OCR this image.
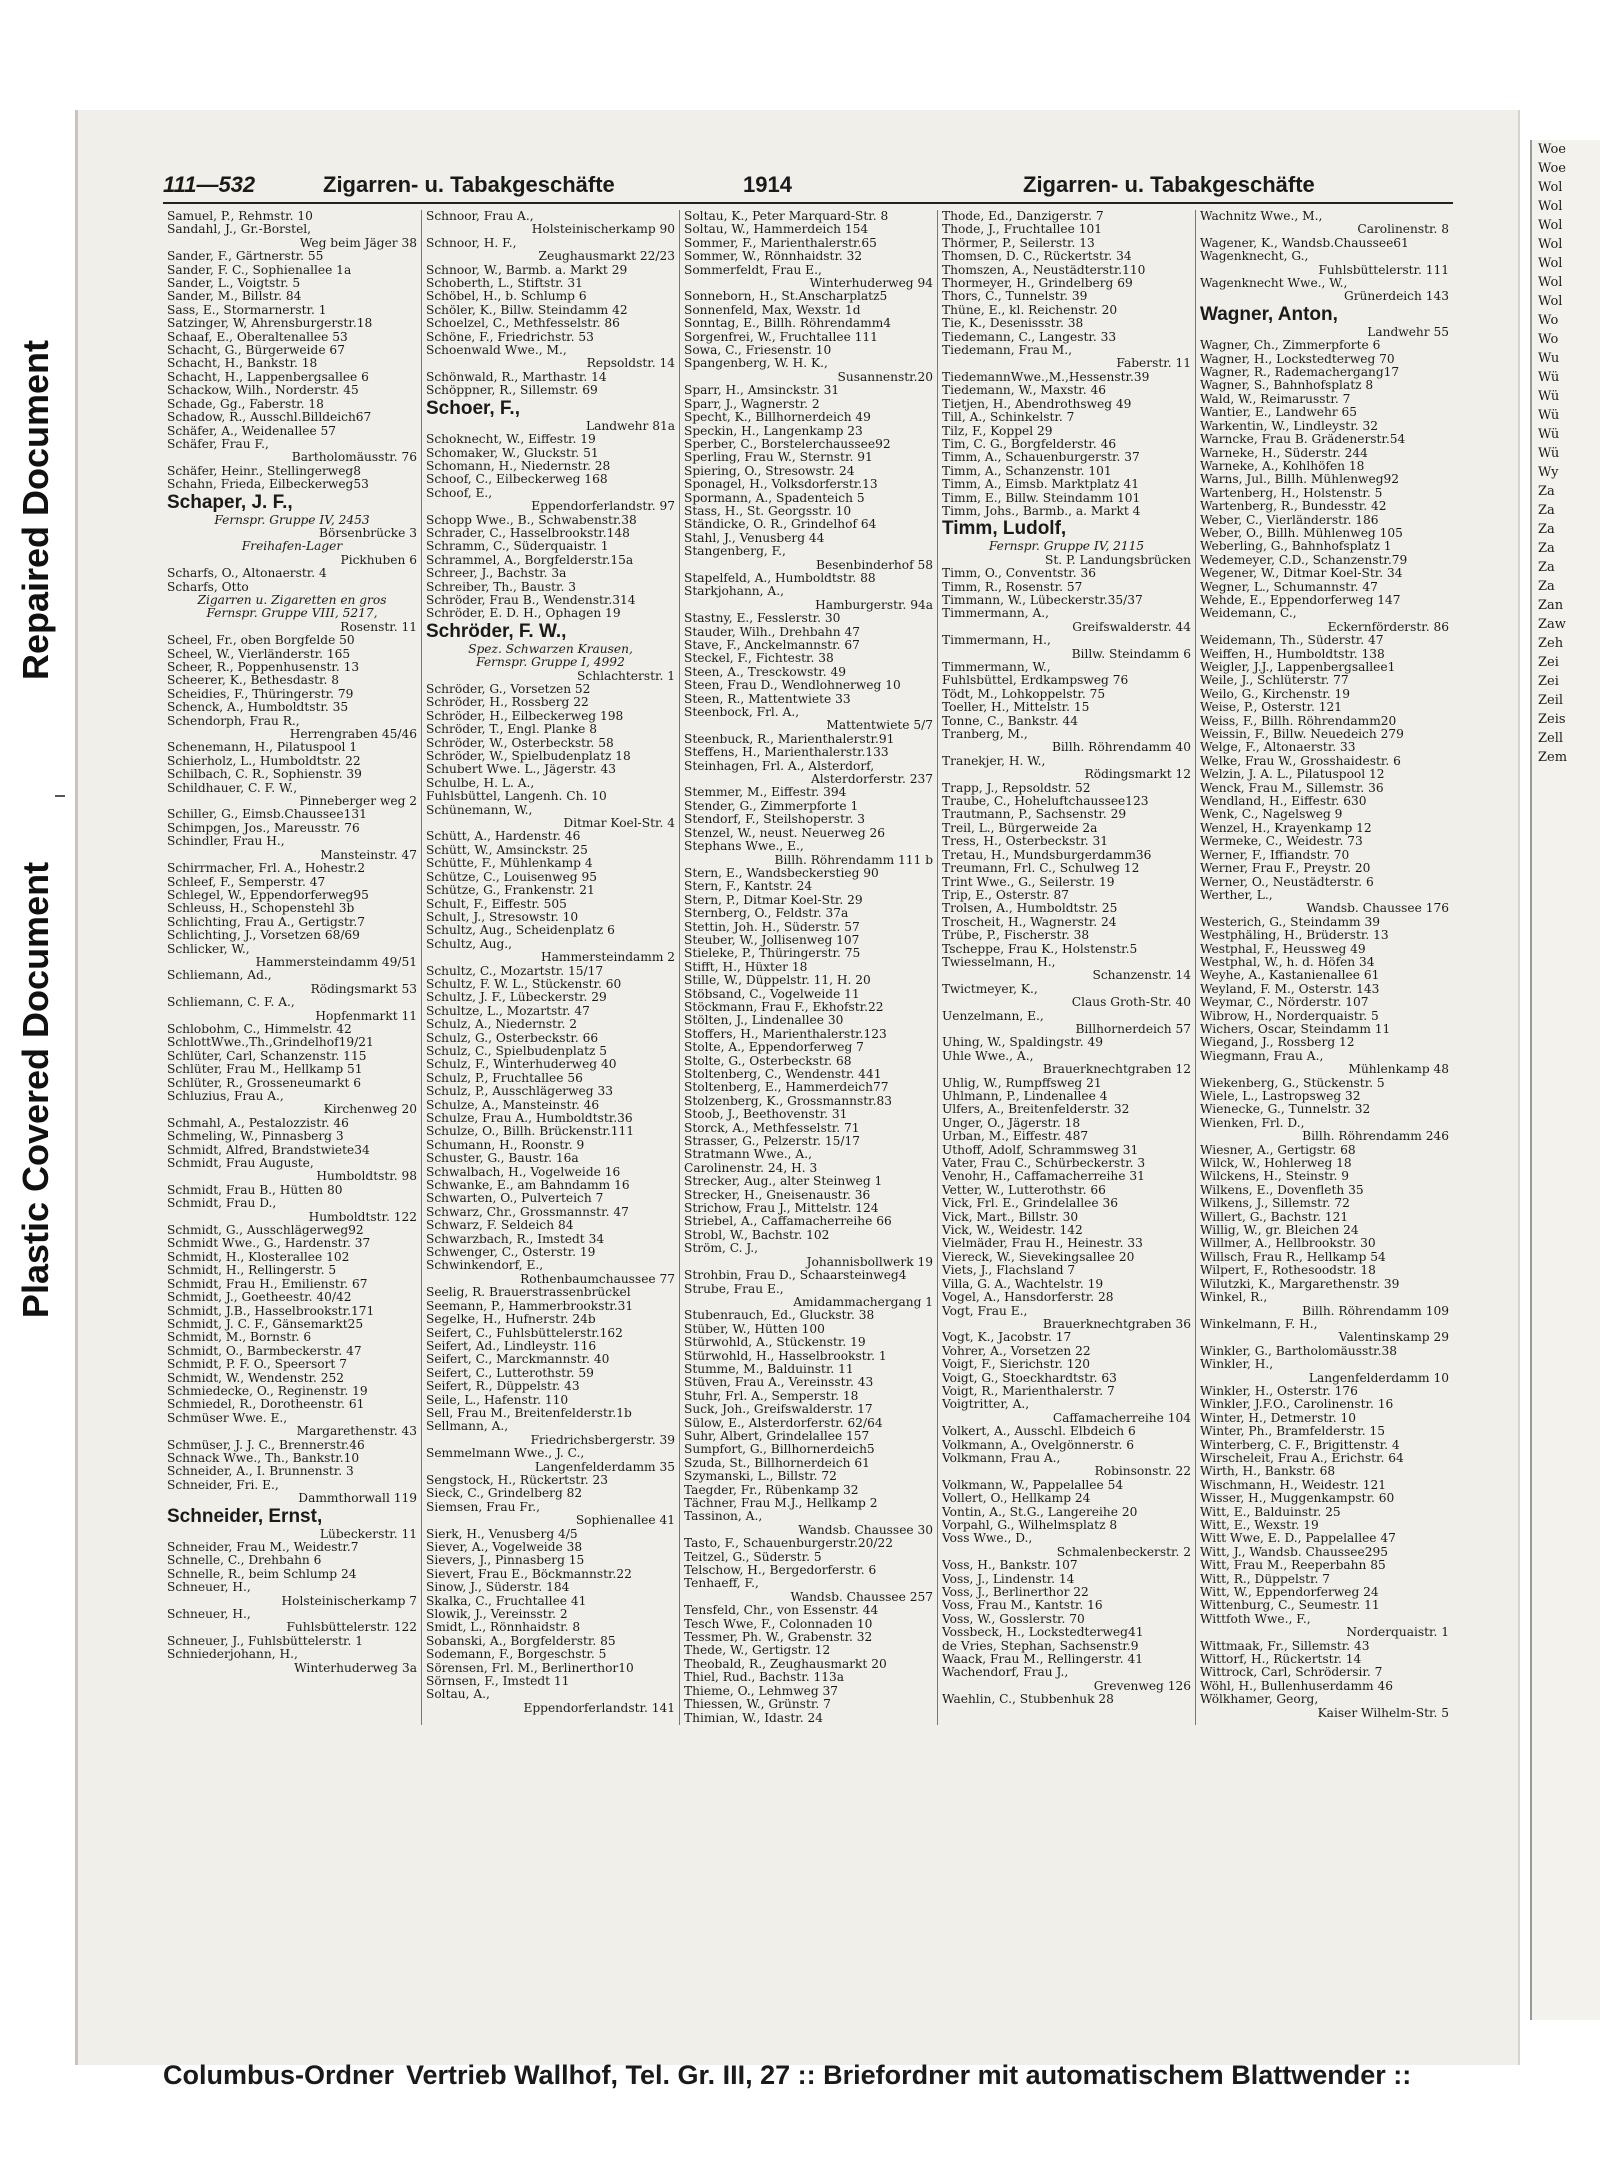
Repaired Document
Plastic Covered Document
Woe
Woe
Wol
Wol
Wol
Wol
Wol
Wol
Wol
Wo
Wo
Wu
Wü
Wü
Wü
Wü
Wü
Wy
Za
Za
Za
Za
Za
Za
Zan
Zaw
Zeh
Zei
Zei
Zeil
Zeis
Zell
Zem
111—532	Zigarren- u. Tabakgeschäfte	1914	Zigarren- u. Tabakgeschäfte
Samuel, P., Rehmstr. 10
Sandahl, J., Gr.-Borstel,
Weg beim Jäger 38
Sander, F., Gärtnerstr. 55
Sander, F. C., Sophienallee 1a
Sander, L., Voigtstr. 5
Sander, M., Billstr. 84
Sass, E., Stormarnerstr. 1
Satzinger, W, Ahrensburgerstr.18
Schaaf, E., Oberaltenallee 53
Schacht, G., Bürgerweide 67
Schacht, H., Bankstr. 18
Schacht, H., Lappenbergsallee 6
Schackow, Wilh., Norderstr. 45
Schade, Gg., Faberstr. 18
Schadow, R., Ausschl.Billdeich67
Schäfer, A., Weidenallee 57
Schäfer, Frau F.,
Bartholomäusstr. 76
Schäfer, Heinr., Stellingerweg8
Schahn, Frieda, Eilbeckerweg53
Schaper, J. F.,
Fernspr. Gruppe IV, 2453
Börsenbrücke 3
Freihafen-Lager
Pickhuben 6
Scharfs, O., Altonaerstr. 4
Scharfs, Otto
Zigarren u. Zigaretten en gros
Fernspr. Gruppe VIII, 5217,
Rosenstr. 11
Scheel, Fr., oben Borgfelde 50
Scheel, W., Vierländerstr. 165
Scheer, R., Poppenhusenstr. 13
Scheerer, K., Bethesdastr. 8
Scheidies, F., Thüringerstr. 79
Schenck, A., Humboldtstr. 35
Schendorph, Frau R.,
Herrengraben 45/46
Schenemann, H., Pilatuspool 1
Schierholz, L., Humboldtstr. 22
Schilbach, C. R., Sophienstr. 39
Schildhauer, C. F. W.,
Pinneberger weg 2
Schiller, G., Eimsb.Chaussee131
Schimpgen, Jos., Mareusstr. 76
Schindler, Frau H.,
Mansteinstr. 47
Schirrmacher, Frl. A., Hohestr.2
Schleef, F., Semperstr. 47
Schlegel, W., Eppendorferweg95
Schleuss, H., Schopenstehl 3b
Schlichting, Frau A., Gertigstr.7
Schlichting, J., Vorsetzen 68/69
Schlicker, W.,
Hammersteindamm 49/51
Schliemann, Ad.,
Rödingsmarkt 53
Schliemann, C. F. A.,
Hopfenmarkt 11
Schlobohm, C., Himmelstr. 42
SchlottWwe.,Th.,Grindelhof19/21
Schlüter, Carl, Schanzenstr. 115
Schlüter, Frau M., Hellkamp 51
Schlüter, R., Grosseneumarkt 6
Schluzius, Frau A.,
Kirchenweg 20
Schmahl, A., Pestalozzistr. 46
Schmeling, W., Pinnasberg 3
Schmidt, Alfred, Brandstwiete34
Schmidt, Frau Auguste,
Humboldtstr. 98
Schmidt, Frau B., Hütten 80
Schmidt, Frau D.,
Humboldtstr. 122
Schmidt, G., Ausschlägerweg92
Schmidt Wwe., G., Hardenstr. 37
Schmidt, H., Klosterallee 102
Schmidt, H., Rellingerstr. 5
Schmidt, Frau H., Emilienstr. 67
Schmidt, J., Goetheestr. 40/42
Schmidt, J.B., Hasselbrookstr.171
Schmidt, J. C. F., Gänsemarkt25
Schmidt, M., Bornstr. 6
Schmidt, O., Barmbeckerstr. 47
Schmidt, P. F. O., Speersort 7
Schmidt, W., Wendenstr. 252
Schmiedecke, O., Reginenstr. 19
Schmiedel, R., Dorotheenstr. 61
Schmüser Wwe. E.,
Margarethenstr. 43
Schmüser, J. J. C., Brennerstr.46
Schnack Wwe., Th., Bankstr.10
Schneider, A., I. Brunnenstr. 3
Schneider, Fri. E.,
Dammthorwall 119
Schneider, Ernst,
Lübeckerstr. 11
Schneider, Frau M., Weidestr.7
Schnelle, C., Drehbahn 6
Schnelle, R., beim Schlump 24
Schneuer, H.,
Holsteinischerkamp 7
Schneuer, H.,
Fuhlsbüttelerstr. 122
Schneuer, J., Fuhlsbüttelerstr. 1
Schniederjohann, H.,
Winterhuderweg 3a
Schnoor, Frau A.,
Holsteinischerkamp 90
Schnoor, H. F.,
Zeughausmarkt 22/23
Schnoor, W., Barmb. a. Markt 29
Schoberth, L., Stiftstr. 31
Schöbel, H., b. Schlump 6
Schöler, K., Billw. Steindamm 42
Schoelzel, C., Methfesselstr. 86
Schöne, F., Friedrichstr. 53
Schoenwald Wwe., M.,
Repsoldstr. 14
Schönwald, R., Marthastr. 14
Schöppner, R., Sillemstr. 69
Schoer, F.,
Landwehr 81a
Schoknecht, W., Eiffestr. 19
Schomaker, W., Gluckstr. 51
Schomann, H., Niedernstr. 28
Schoof, C., Eilbeckerweg 168
Schoof, E.,
Eppendorferlandstr. 97
Schopp Wwe., B., Schwabenstr.38
Schrader, C., Hasselbrookstr.148
Schramm, C., Süderquaistr. 1
Schrammel, A., Borgfelderstr.15a
Schreer, J., Bachstr. 3a
Schreiber, Th., Baustr. 3
Schröder, Frau B., Wendenstr.314
Schröder, E. D. H., Ophagen 19
Schröder, F. W.,
Spez. Schwarzen Krausen,
Fernspr. Gruppe I, 4992
Schlachterstr. 1
Schröder, G., Vorsetzen 52
Schröder, H., Rossberg 22
Schröder, H., Eilbeckerweg 198
Schröder, T., Engl. Planke 8
Schröder, W., Osterbeckstr. 58
Schröder, W., Spielbudenplatz 18
Schubert Wwe. L., Jägerstr. 43
Schulbe, H. L. A.,
Fuhlsbüttel, Langenh. Ch. 10
Schünemann, W.,
Ditmar Koel-Str. 4
Schütt, A., Hardenstr. 46
Schütt, W., Amsinckstr. 25
Schütte, F., Mühlenkamp 4
Schütze, C., Louisenweg 95
Schütze, G., Frankenstr. 21
Schult, F., Eiffestr. 505
Schult, J., Stresowstr. 10
Schultz, Aug., Scheidenplatz 6
Schultz, Aug.,
Hammersteindamm 2
Schultz, C., Mozartstr. 15/17
Schultz, F. W. L., Stückenstr. 60
Schultz, J. F., Lübeckerstr. 29
Schultze, L., Mozartstr. 47
Schulz, A., Niedernstr. 2
Schulz, G., Osterbeckstr. 66
Schulz, C., Spielbudenplatz 5
Schulz, F., Winterhuderweg 40
Schulz, P., Fruchtallee 56
Schulz, P., Ausschlägerweg 33
Schulze, A., Mansteinstr. 46
Schulze, Frau A., Humboldtstr.36
Schulze, O., Billh. Brückenstr.111
Schumann, H., Roonstr. 9
Schuster, G., Baustr. 16a
Schwalbach, H., Vogelweide 16
Schwanke, E., am Bahndamm 16
Schwarten, O., Pulverteich 7
Schwarz, Chr., Grossmannstr. 47
Schwarz, F. Seldeich 84
Schwarzbach, R., Imstedt 34
Schwenger, C., Osterstr. 19
Schwinkendorf, E.,
Rothenbaumchaussee 77
Seelig, R. Brauerstrassenbrückel
Seemann, P., Hammerbrookstr.31
Segelke, H., Hufnerstr. 24b
Seifert, C., Fuhlsbüttelerstr.162
Seifert, Ad., Lindleystr. 116
Seifert, C., Marckmannstr. 40
Seifert, C., Lutterothstr. 59
Seifert, R., Düppelstr. 43
Seile, L., Hafenstr. 110
Sell, Frau M., Breitenfelderstr.1b
Sellmann, A.,
Friedrichsbergerstr. 39
Semmelmann Wwe., J. C.,
Langenfelderdamm 35
Sengstock, H., Rückertstr. 23
Sieck, C., Grindelberg 82
Siemsen, Frau Fr.,
Sophienallee 41
Sierk, H., Venusberg 4/5
Siever, A., Vogelweide 38
Sievers, J., Pinnasberg 15
Sievert, Frau E., Böckmannstr.22
Sinow, J., Süderstr. 184
Skalka, C., Fruchtallee 41
Slowik, J., Vereinsstr. 2
Smidt, L., Rönnhaidstr. 8
Sobanski, A., Borgfelderstr. 85
Sodemann, F., Borgeschstr. 5
Sörensen, Frl. M., Berlinerthor10
Sörnsen, F., Imstedt 11
Soltau, A.,
Eppendorferlandstr. 141
Soltau, K., Peter Marquard-Str. 8
Soltau, W., Hammerdeich 154
Sommer, F., Marienthalerstr.65
Sommer, W., Rönnhaidstr. 32
Sommerfeldt, Frau E.,
Winterhuderweg 94
Sonneborn, H., St.Anscharplatz5
Sonnenfeld, Max, Wexstr. 1d
Sonntag, E., Billh. Röhrendamm4
Sorgenfrei, W., Fruchtallee 111
Sowa, C., Friesenstr. 10
Spangenberg, W. H. K.,
Susannenstr.20
Sparr, H., Amsinckstr. 31
Sparr, J., Wagnerstr. 2
Specht, K., Billhornerdeich 49
Speckin, H., Langenkamp 23
Sperber, C., Borstelerchaussee92
Sperling, Frau W., Sternstr. 91
Spiering, O., Stresowstr. 24
Sponagel, H., Volksdorferstr.13
Spormann, A., Spadenteich 5
Stass, H., St. Georgsstr. 10
Ständicke, O. R., Grindelhof 64
Stahl, J., Venusberg 44
Stangenberg, F.,
Besenbinderhof 58
Stapelfeld, A., Humboldtstr. 88
Starkjohann, A.,
Hamburgerstr. 94a
Stastny, E., Fesslerstr. 30
Stauder, Wilh., Drehbahn 47
Stave, F., Anckelmannstr. 67
Steckel, F., Fichtestr. 38
Steen, A., Tresckowstr. 49
Steen, Frau D., Wendlohnerweg 10
Steen, R., Mattentwiete 33
Steenbock, Frl. A.,
Mattentwiete 5/7
Steenbuck, R., Marienthalerstr.91
Steffens, H., Marienthalerstr.133
Steinhagen, Frl. A., Alsterdorf,
Alsterdorferstr. 237
Stemmer, M., Eiffestr. 394
Stender, G., Zimmerpforte 1
Stendorf, F., Steilshoperstr. 3
Stenzel, W., neust. Neuerweg 26
Stephans Wwe., E.,
Billh. Röhrendamm 111 b
Stern, E., Wandsbeckerstieg 90
Stern, F., Kantstr. 24
Stern, P., Ditmar Koel-Str. 29
Sternberg, O., Feldstr. 37a
Stettin, Joh. H., Süderstr. 57
Steuber, W., Jollisenweg 107
Stieleke, P., Thüringerstr. 75
Stifft, H., Hüxter 18
Stille, W., Düppelstr. 11, H. 20
Stöbsand, C., Vogelweide 11
Stöckmann, Frau F., Ekhofstr.22
Stölten, J., Lindenallee 30
Stoffers, H., Marienthalerstr.123
Stolte, A., Eppendorferweg 7
Stolte, G., Osterbeckstr. 68
Stoltenberg, C., Wendenstr. 441
Stoltenberg, E., Hammerdeich77
Stolzenberg, K., Grossmannstr.83
Stoob, J., Beethovenstr. 31
Storck, A., Methfesselstr. 71
Strasser, G., Pelzerstr. 15/17
Stratmann Wwe., A.,
Carolinenstr. 24, H. 3
Strecker, Aug., alter Steinweg 1
Strecker, H., Gneisenaustr. 36
Strichow, Frau J., Mittelstr. 124
Striebel, A., Caffamacherreihe 66
Strobl, W., Bachstr. 102
Ström, C. J.,
Johannisbollwerk 19
Strohbin, Frau D., Schaarsteinweg4
Strube, Frau E.,
Amidammachergang 1
Stubenrauch, Ed., Gluckstr. 38
Stüber, W., Hütten 100
Stürwohld, A., Stückenstr. 19
Stürwohld, H., Hasselbrookstr. 1
Stumme, M., Balduinstr. 11
Stüven, Frau A., Vereinsstr. 43
Stuhr, Frl. A., Semperstr. 18
Suck, Joh., Greifswalderstr. 17
Sülow, E., Alsterdorferstr. 62/64
Suhr, Albert, Grindelallee 157
Sumpfort, G., Billhornerdeich5
Szuda, St., Billhornerdeich 61
Szymanski, L., Billstr. 72
Taegder, Fr., Rübenkamp 32
Tächner, Frau M.J., Hellkamp 2
Tassinon, A.,
Wandsb. Chaussee 30
Tasto, F., Schauenburgerstr.20/22
Teitzel, G., Süderstr. 5
Telschow, H., Bergedorferstr. 6
Tenhaeff, F.,
Wandsb. Chaussee 257
Tensfeld, Chr., von Essenstr. 44
Tesch Wwe, F., Colonnaden 10
Tessmer, Ph. W., Grabenstr. 32
Thede, W., Gertigstr. 12
Theobald, R., Zeughausmarkt 20
Thiel, Rud., Bachstr. 113a
Thieme, O., Lehmweg 37
Thiessen, W., Grünstr. 7
Thimian, W., Idastr. 24
Thode, Ed., Danzigerstr. 7
Thode, J., Fruchtallee 101
Thörmer, P., Seilerstr. 13
Thomsen, D. C., Rückertstr. 34
Thomszen, A., Neustädterstr.110
Thormeyer, H., Grindelberg 69
Thors, C., Tunnelstr. 39
Thüne, E., kl. Reichenstr. 20
Tie, K., Desenissstr. 38
Tiedemann, C., Langestr. 33
Tiedemann, Frau M.,
Faberstr. 11
TiedemannWwe.,M.,Hessenstr.39
Tiedemann, W., Maxstr. 46
Tietjen, H., Abendrothsweg 49
Till, A., Schinkelstr. 7
Tilz, F., Koppel 29
Tim, C. G., Borgfelderstr. 46
Timm, A., Schauenburgerstr. 37
Timm, A., Schanzenstr. 101
Timm, A., Eimsb. Marktplatz 41
Timm, E., Billw. Steindamm 101
Timm, Johs., Barmb., a. Markt 4
Timm, Ludolf,
Fernspr. Gruppe IV, 2115
St. P. Landungsbrücken
Timm, O., Conventstr. 36
Timm, R., Rosenstr. 57
Timmann, W., Lübeckerstr.35/37
Timmermann, A.,
Greifswalderstr. 44
Timmermann, H.,
Billw. Steindamm 6
Timmermann, W.,
Fuhlsbüttel, Erdkampsweg 76
Tödt, M., Lohkoppelstr. 75
Toeller, H., Mittelstr. 15
Tonne, C., Bankstr. 44
Tranberg, M.,
Billh. Röhrendamm 40
Tranekjer, H. W.,
Rödingsmarkt 12
Trapp, J., Repsoldstr. 52
Traube, C., Hoheluftchaussee123
Trautmann, P., Sachsenstr. 29
Treil, L., Bürgerweide 2a
Tress, H., Osterbeckstr. 31
Tretau, H., Mundsburgerdamm36
Treumann, Frl. C., Schulweg 12
Trint Wwe., G., Seilerstr. 19
Trip, E., Osterstr. 87
Trolsen, A., Humboldtstr. 25
Troscheit, H., Wagnerstr. 24
Trübe, P., Fischerstr. 38
Tscheppe, Frau K., Holstenstr.5
Twiesselmann, H.,
Schanzenstr. 14
Twictmeyer, K.,
Claus Groth-Str. 40
Uenzelmann, E.,
Billhornerdeich 57
Uhing, W., Spaldingstr. 49
Uhle Wwe., A.,
Brauerknechtgraben 12
Uhlig, W., Rumpffsweg 21
Uhlmann, P., Lindenallee 4
Ulfers, A., Breitenfelderstr. 32
Unger, O., Jägerstr. 18
Urban, M., Eiffestr. 487
Uthoff, Adolf, Schrammsweg 31
Vater, Frau C., Schürbeckerstr. 3
Venohr, H., Caffamacherreihe 31
Vetter, W., Lutterothstr. 66
Vick, Frl. E., Grindelallee 36
Vick, Mart., Billstr. 30
Vick, W., Weidestr. 142
Vielmäder, Frau H., Heinestr. 33
Viereck, W., Sievekingsallee 20
Viets, J., Flachsland 7
Villa, G. A., Wachtelstr. 19
Vogel, A., Hansdorferstr. 28
Vogt, Frau E.,
Brauerknechtgraben 36
Vogt, K., Jacobstr. 17
Vohrer, A., Vorsetzen 22
Voigt, F., Sierichstr. 120
Voigt, G., Stoeckhardtstr. 63
Voigt, R., Marienthalerstr. 7
Voigtritter, A.,
Caffamacherreihe 104
Volkert, A., Ausschl. Elbdeich 6
Volkmann, A., Övelgönnerstr. 6
Volkmann, Frau A.,
Robinsonstr. 22
Volkmann, W., Pappelallee 54
Vollert, O., Hellkamp 24
Vontin, A., St.G., Langereihe 20
Vorpahl, G., Wilhelmsplatz 8
Voss Wwe., D.,
Schmalenbeckerstr. 2
Voss, H., Bankstr. 107
Voss, J., Lindenstr. 14
Voss, J., Berlinerthor 22
Voss, Frau M., Kantstr. 16
Voss, W., Gosslerstr. 70
Vossbeck, H., Lockstedterweg41
de Vries, Stephan, Sachsenstr.9
Waack, Frau M., Rellingerstr. 41
Wachendorf, Frau J.,
Grevenweg 126
Waehlin, C., Stubbenhuk 28
Wachnitz Wwe., M.,
Carolinenstr. 8
Wagener, K., Wandsb.Chaussee61
Wagenknecht, G.,
Fuhlsbüttelerstr. 111
Wagenknecht Wwe., W.,
Grünerdeich 143
Wagner, Anton,
Landwehr 55
Wagner, Ch., Zimmerpforte 6
Wagner, H., Lockstedterweg 70
Wagner, R., Rademachergang17
Wagner, S., Bahnhofsplatz 8
Wald, W., Reimarusstr. 7
Wantier, E., Landwehr 65
Warkentin, W., Lindleystr. 32
Warncke, Frau B. Grädenerstr.54
Warneke, H., Süderstr. 244
Warneke, A., Kohlhöfen 18
Warns, Jul., Billh. Mühlenweg92
Wartenberg, H., Holstenstr. 5
Wartenberg, R., Bundesstr. 42
Weber, C., Vierländerstr. 186
Weber, O., Billh. Mühlenweg 105
Weberling, G., Bahnhofsplatz 1
Wedemeyer, C.D., Schanzenstr.79
Wegener, W., Ditmar Koel-Str. 34
Wegner, L., Schumannstr. 47
Wehde, E., Eppendorferweg 147
Weidemann, C.,
Eckernförderstr. 86
Weidemann, Th., Süderstr. 47
Weiffen, H., Humboldtstr. 138
Weigler, J.J., Lappenbergsallee1
Weile, J., Schlüterstr. 77
Weilo, G., Kirchenstr. 19
Weise, P., Osterstr. 121
Weiss, F., Billh. Röhrendamm20
Weissin, F., Billw. Neuedeich 279
Welge, F., Altonaerstr. 33
Welke, Frau W., Grosshaidestr. 6
Welzin, J. A. L., Pilatuspool 12
Wenck, Frau M., Sillemstr. 36
Wendland, H., Eiffestr. 630
Wenk, C., Nagelsweg 9
Wenzel, H., Krayenkamp 12
Wermeke, C., Weidestr. 73
Werner, F., Iffiandstr. 70
Werner, Frau F., Preystr. 20
Werner, O., Neustädterstr. 6
Werther, L.,
Wandsb. Chaussee 176
Westerich, G., Steindamm 39
Westphäling, H., Brüderstr. 13
Westphal, F., Heussweg 49
Westphal, W., h. d. Höfen 34
Weyhe, A., Kastanienallee 61
Weyland, F. M., Osterstr. 143
Weymar, C., Nörderstr. 107
Wibrow, H., Norderquaistr. 5
Wichers, Oscar, Steindamm 11
Wiegand, J., Rossberg 12
Wiegmann, Frau A.,
Mühlenkamp 48
Wiekenberg, G., Stückenstr. 5
Wiele, L., Lastropsweg 32
Wienecke, G., Tunnelstr. 32
Wienken, Frl. D.,
Billh. Röhrendamm 246
Wiesner, A., Gertigstr. 68
Wilck, W., Hohlerweg 18
Wilckens, H., Steinstr. 9
Wilkens, E., Dovenfleth 35
Wilkens, J., Sillemstr. 72
Willert, G., Bachstr. 121
Willig, W., gr. Bleichen 24
Willmer, A., Hellbrookstr. 30
Willsch, Frau R., Hellkamp 54
Wilpert, F., Rothesoodstr. 18
Wilutzki, K., Margarethenstr. 39
Winkel, R.,
Billh. Röhrendamm 109
Winkelmann, F. H.,
Valentinskamp 29
Winkler, G., Bartholomäusstr.38
Winkler, H.,
Langenfelderdamm 10
Winkler, H., Osterstr. 176
Winkler, J.F.O., Carolinenstr. 16
Winter, H., Detmerstr. 10
Winter, Ph., Bramfelderstr. 15
Winterberg, C. F., Brigittenstr. 4
Wirscheleit, Frau A., Erichstr. 64
Wirth, H., Bankstr. 68
Wischmann, H., Weidestr. 121
Wisser, H., Muggenkampstr. 60
Witt, E., Balduinstr. 25
Witt, E., Wexstr. 19
Witt Wwe, E. D., Pappelallee 47
Witt, J., Wandsb. Chaussee295
Witt, Frau M., Reeperbahn 85
Witt, R., Düppelstr. 7
Witt, W., Eppendorferweg 24
Wittenburg, C., Seumestr. 11
Wittfoth Wwe., F.,
Norderquaistr. 1
Wittmaak, Fr., Sillemstr. 43
Wittorf, H., Rückertstr. 14
Wittrock, Carl, Schrödersir. 7
Wöhl, H., Bullenhuserdamm 46
Wölkhamer, Georg,
Kaiser Wilhelm-Str. 5
Columbus-Ordner Vertrieb Wallhof, Tel. Gr. III, 27 :: Briefordner mit automatischem Blattwender ::
